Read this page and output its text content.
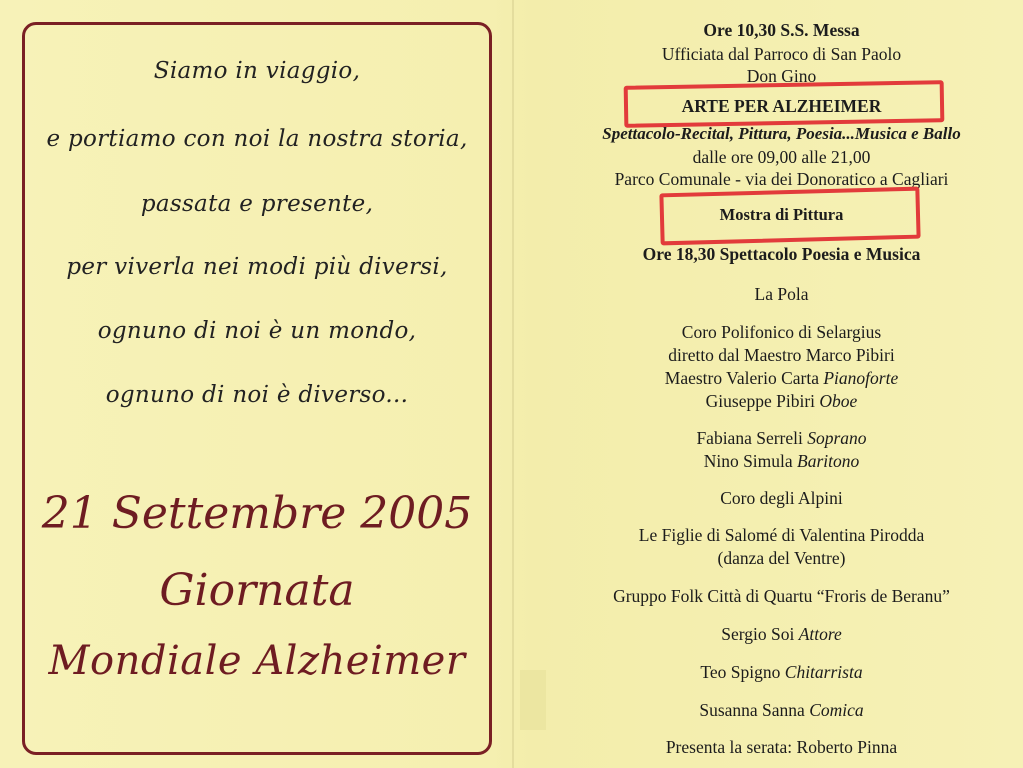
Siamo in viaggio,
e portiamo con noi la nostra storia,
passata e presente,
per viverla nei modi più diversi,
ognuno di noi è un mondo,
ognuno di noi è diverso...
21 Settembre 2005
Giornata
Mondiale Alzheimer
Ore 10,30 S.S. Messa
Ufficiata dal Parroco di San Paolo
Don Gino
ARTE PER ALZHEIMER
Spettacolo-Recital, Pittura, Poesia...Musica e Ballo
dalle ore 09,00 alle 21,00
Parco Comunale - via dei Donoratico a Cagliari
Mostra di Pittura
Ore 18,30 Spettacolo Poesia e Musica
La Pola
Coro Polifonico di Selargius
diretto dal Maestro Marco Pibiri
Maestro Valerio Carta Pianoforte
Giuseppe Pibiri Oboe
Fabiana Serreli Soprano
Nino Simula Baritono
Coro degli Alpini
Le Figlie di Salomé di Valentina Pirodda
(danza del Ventre)
Gruppo Folk Città di Quartu “Froris de Beranu”
Sergio Soi Attore
Teo Spigno Chitarrista
Susanna Sanna Comica
Presenta la serata: Roberto Pinna
